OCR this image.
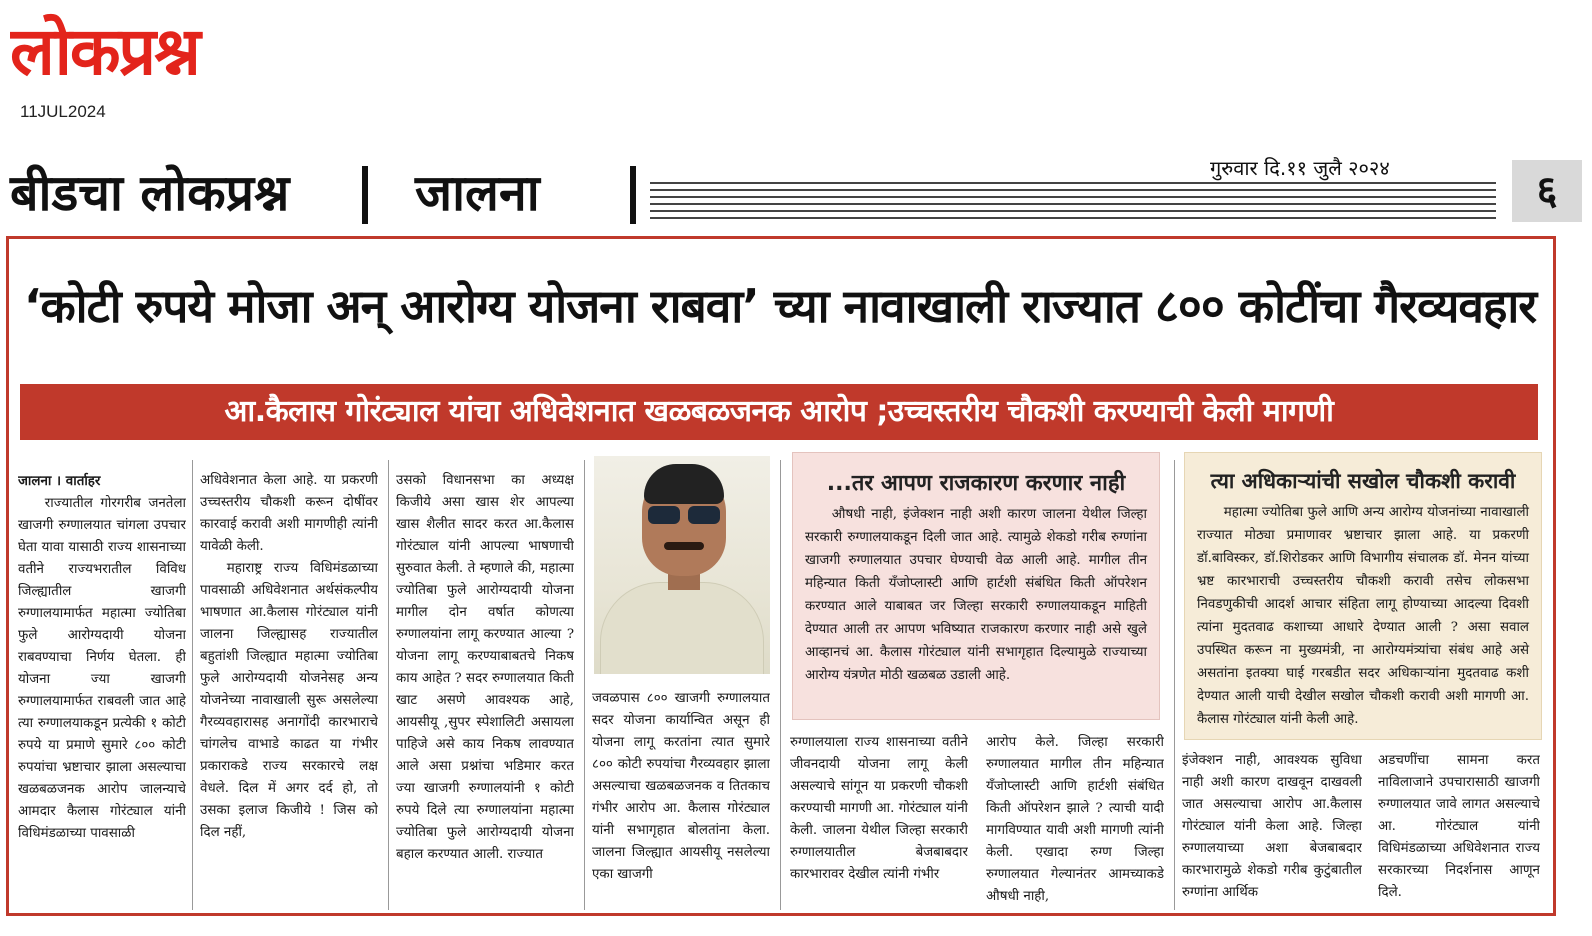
लोकप्रश्न
11JUL2024
बीडचा लोकप्रश्न	जालना	गुरुवार दि.११ जुलै २०२४	६
‘कोटी रुपये मोजा अन् आरोग्य योजना राबवा’ च्या नावाखाली राज्यात ८०० कोटींचा गैरव्यवहार
आ.कैलास गोरंट्याल यांचा अधिवेशनात खळबळजनक आरोप ;उच्चस्तरीय चौकशी करण्याची केली मागणी

जालना । वार्ताहर

राज्यातील गोरगरीब जनतेला खाजगी रुग्णालयात चांगला उपचार घेता यावा यासाठी राज्य शासनाच्या वतीने राज्यभरातील विविध जिल्ह्यातील खाजगी रुग्णालयामार्फत महात्मा ज्योतिबा फुले आरोग्यदायी योजना राबवण्याचा निर्णय घेतला. ही योजना ज्या खाजगी रुग्णालयामार्फत राबवली जात आहे त्या रुग्णालयाकडून प्रत्येकी १ कोटी रुपये या प्रमाणे सुमारे ८०० कोटी रुपयांचा भ्रष्टाचार झाला असल्याचा खळबळजनक आरोप जालन्याचे आमदार कैलास गोरंट्याल यांनी विधिमंडळाच्या पावसाळी

अधिवेशनात केला आहे. या प्रकरणी उच्चस्तरीय चौकशी करून दोषींवर कारवाई करावी अशी मागणीही त्यांनी यावेळी केली.

महाराष्ट्र राज्य विधिमंडळाच्या पावसाळी अधिवेशनात अर्थसंकल्पीय भाषणात आ.कैलास गोरंट्याल यांनी जालना जिल्ह्यासह राज्यातील बहुतांशी जिल्ह्यात महात्मा ज्योतिबा फुले आरोग्यदायी योजनेसह अन्य योजनेच्या नावाखाली सुरू असलेल्या गैरव्यवहारासह अनागोंदी कारभाराचे चांगलेच वाभाडे काढत या गंभीर प्रकाराकडे राज्य सरकारचे लक्ष वेधले. दिल में अगर दर्द हो, तो उसका इलाज किजीये ! जिस को दिल नहीं,

उसको विधानसभा का अध्यक्ष किजीये असा खास शेर आपल्या खास शैलीत सादर करत आ.कैलास गोरंट्याल यांनी आपल्या भाषणाची सुरुवात केली. ते म्हणाले की, महात्मा ज्योतिबा फुले आरोग्यदायी योजना मागील दोन वर्षात कोणत्या रुग्णालयांना लागू करण्यात आल्या ? योजना लागू करण्याबाबतचे निकष काय आहेत ? सदर रुग्णालयात किती खाट असणे आवश्यक आहे, आयसीयू ,सुपर स्पेशालिटी असायला पाहिजे असे काय निकष लावण्यात आले असा प्रश्नांचा भडिमार करत ज्या खाजगी रुग्णालयांनी १ कोटी रुपये दिले त्या रुग्णालयांना महात्मा ज्योतिबा फुले आरोग्यदायी योजना बहाल करण्यात आली. राज्यात

जवळपास ८०० खाजगी रुग्णालयात सदर योजना कार्यान्वित असून ही योजना लागू करतांना त्यात सुमारे ८०० कोटी रुपयांचा गैरव्यवहार झाला असल्याचा खळबळजनक व तितकाच गंभीर आरोप आ. कैलास गोरंट्याल यांनी सभागृहात बोलतांना केला. जालना जिल्ह्यात आयसीयू नसलेल्या एका खाजगी

...तर आपण राजकारण करणार नाही
औषधी नाही, इंजेक्शन नाही अशी कारण जालना येथील जिल्हा सरकारी रुग्णालयाकडून दिली जात आहे. त्यामुळे शेकडो गरीब रुग्णांना खाजगी रुग्णालयात उपचार घेण्याची वेळ आली आहे. मागील तीन महिन्यात किती यॅंजोप्लास्टी आणि हार्टशी संबंधित किती ऑपरेशन करण्यात आले याबाबत जर जिल्हा सरकारी रुग्णालयाकडून माहिती देण्यात आली तर आपण भविष्यात राजकारण करणार नाही असे खुले आव्हानचं आ. कैलास गोरंट्याल यांनी सभागृहात दिल्यामुळे राज्याच्या आरोग्य यंत्रणेत मोठी खळबळ उडाली आहे.
त्या अधिकाऱ्यांची सखोल चौकशी करावी
महात्मा ज्योतिबा फुले आणि अन्य आरोग्य योजनांच्या नावाखाली राज्यात मोठ्या प्रमाणावर भ्रष्टाचार झाला आहे. या प्रकरणी डॉ.बाविस्कर, डॉ.शिरोडकर आणि विभागीय संचालक डॉ. मेनन यांच्या भ्रष्ट कारभाराची उच्चस्तरीय चौकशी करावी तसेच लोकसभा निवडणुकीची आदर्श आचार संहिता लागू होण्याच्या आदल्या दिवशी त्यांना मुदतवाढ कशाच्या आधारे देण्यात आली ? असा सवाल उपस्थित करून ना मुख्यमंत्री, ना आरोग्यमंत्र्यांचा संबंध आहे असे असतांना इतक्या घाई गरबडीत सदर अधिकाऱ्यांना मुदतवाढ कशी देण्यात आली याची देखील सखोल चौकशी करावी अशी मागणी आ. कैलास गोरंट्याल यांनी केली आहे.

रुग्णालयाला राज्य शासनाच्या वतीने जीवनदायी योजना लागू केली असल्याचे सांगून या प्रकरणी चौकशी करण्याची मागणी आ. गोरंट्याल यांनी केली. जालना येथील जिल्हा सरकारी रुग्णालयातील बेजबाबदार कारभारावर देखील त्यांनी गंभीर

आरोप केले. जिल्हा सरकारी रुग्णालयात मागील तीन महिन्यात यॅंजोप्लास्टी आणि हार्टशी संबंधित किती ऑपरेशन झाले ? त्याची यादी मागविण्यात यावी अशी मागणी त्यांनी केली. एखादा रुग्ण जिल्हा रुग्णालयात गेल्यानंतर आमच्याकडे औषधी नाही,

इंजेक्शन नाही, आवश्यक सुविधा नाही अशी कारण दाखवून दाखवली जात असल्याचा आरोप आ.कैलास गोरंट्याल यांनी केला आहे. जिल्हा रुग्णालयाच्या अशा बेजबाबदार कारभारामुळे शेकडो गरीब कुटुंबातील रुग्णांना आर्थिक

अडचणींचा सामना करत नाविलाजाने उपचारासाठी खाजगी रुग्णालयात जावे लागत असल्याचे आ. गोरंट्याल यांनी विधिमंडळाच्या अधिवेशनात राज्य सरकारच्या निदर्शनास आणून दिले.
